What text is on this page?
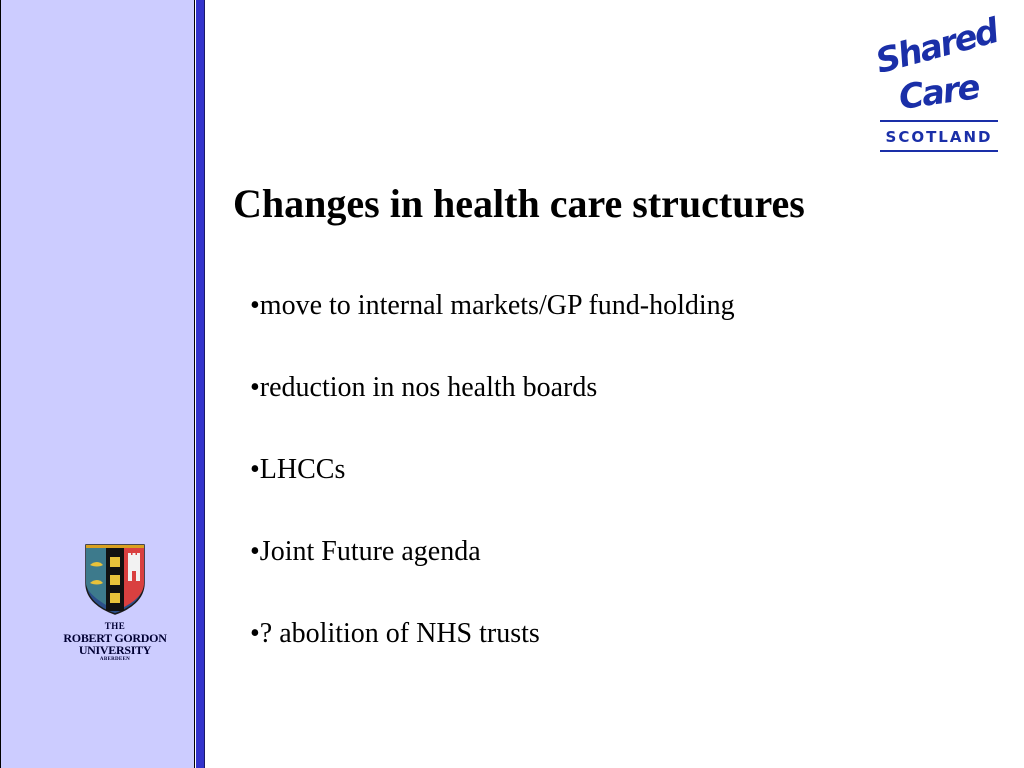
THE
ROBERT GORDON
UNIVERSITY
ABERDEEN
Shared
Care
SCOTLAND
Changes in health care structures
•move to internal markets/GP fund-holding
•reduction in nos health boards
•LHCCs
•Joint Future agenda
•? abolition of NHS trusts
